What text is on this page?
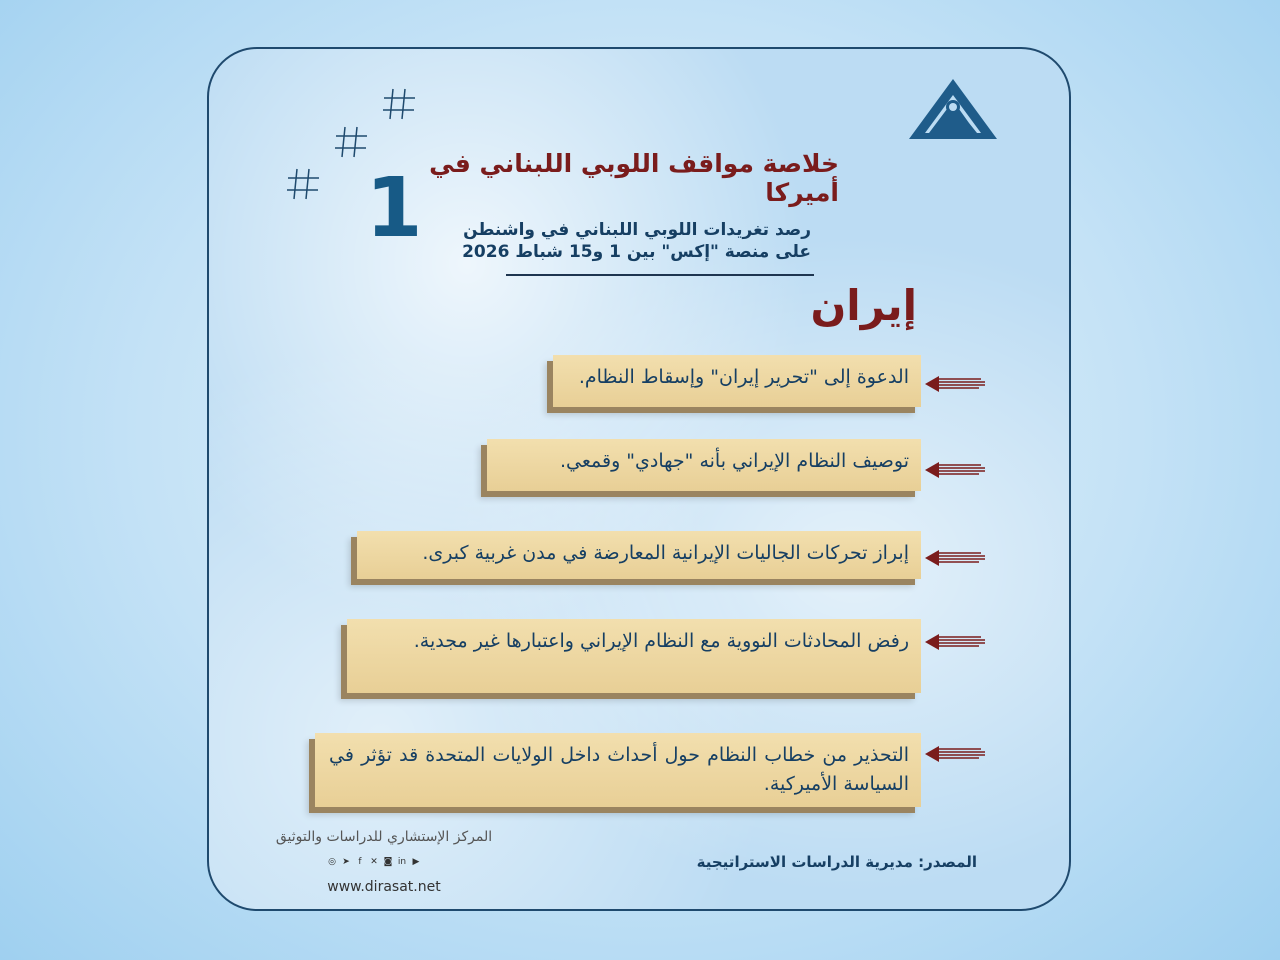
1 خلاصة مواقف اللوبي اللبناني في أميركا
رصد تغريدات اللوبي اللبناني في واشنطن
على منصة "إكس" بين 1 و15 شباط 2026
إيران
الدعوة إلى "تحرير إيران" وإسقاط النظام.
توصيف النظام الإيراني بأنه "جهادي" وقمعي.
إبراز تحركات الجاليات الإيرانية المعارضة في مدن غربية كبرى.
رفض المحادثات النووية مع النظام الإيراني واعتبارها غير مجدية.
التحذير من خطاب النظام حول أحداث داخل الولايات المتحدة قد تؤثر في السياسة الأميركية.
المركز الإستشاري للدراسات والتوثيق
◎ ➤ f ✕ ◙ in ▶
www.dirasat.net
المصدر: مديرية الدراسات الاستراتيجية
